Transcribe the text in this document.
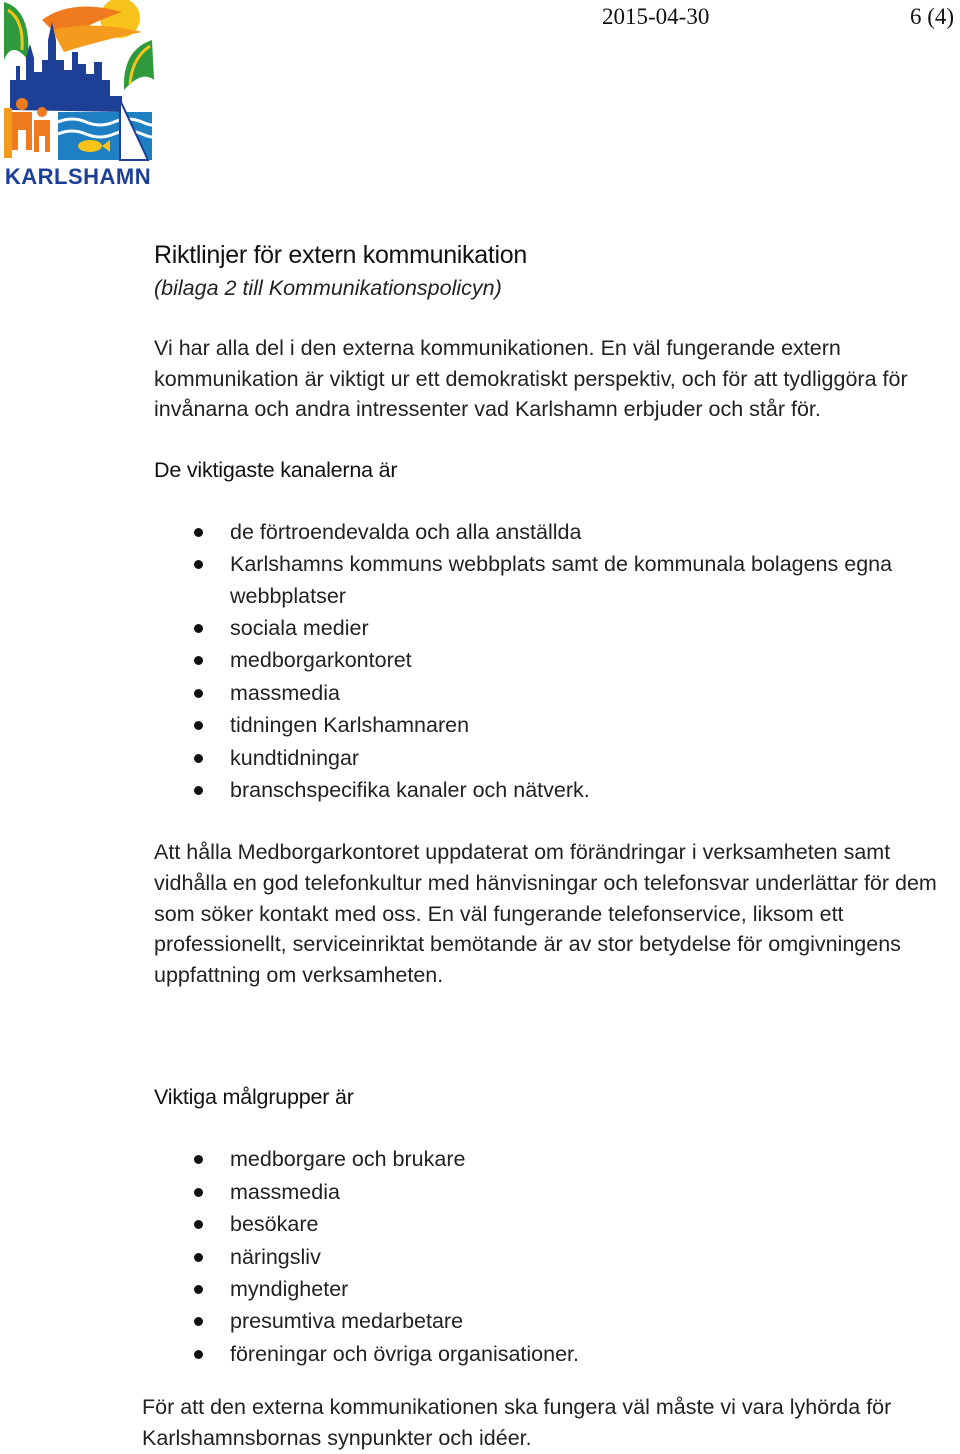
2015-04-30	6 (4)
KARLSHAMN
Riktlinjer för extern kommunikation

(bilaga 2 till Kommunikationspolicyn)

Vi har alla del i den externa kommunikationen. En väl fungerande extern kommunikation är viktigt ur ett demokratiskt perspektiv, och för att tydliggöra för invånarna och andra intressenter vad Karlshamn erbjuder och står för.

De viktigaste kanalerna är
de förtroendevalda och alla anställda
Karlshamns kommuns webbplats samt de kommunala bolagens egna webbplatser
sociala medier
medborgarkontoret
massmedia
tidningen Karlshamnaren
kundtidningar
branschspecifika kanaler och nätverk.

Att hålla Medborgarkontoret uppdaterat om förändringar i verksamheten samt vidhålla en god telefonkultur med hänvisningar och telefonsvar underlättar för dem som söker kontakt med oss. En väl fungerande telefonservice, liksom ett professionellt, serviceinriktat bemötande är av stor betydelse för omgivningens uppfattning om verksamheten.

Viktiga målgrupper är
medborgare och brukare
massmedia
besökare
näringsliv
myndigheter
presumtiva medarbetare
föreningar och övriga organisationer.

För att den externa kommunikationen ska fungera väl måste vi vara lyhörda för Karlshamnsbornas synpunkter och idéer.
